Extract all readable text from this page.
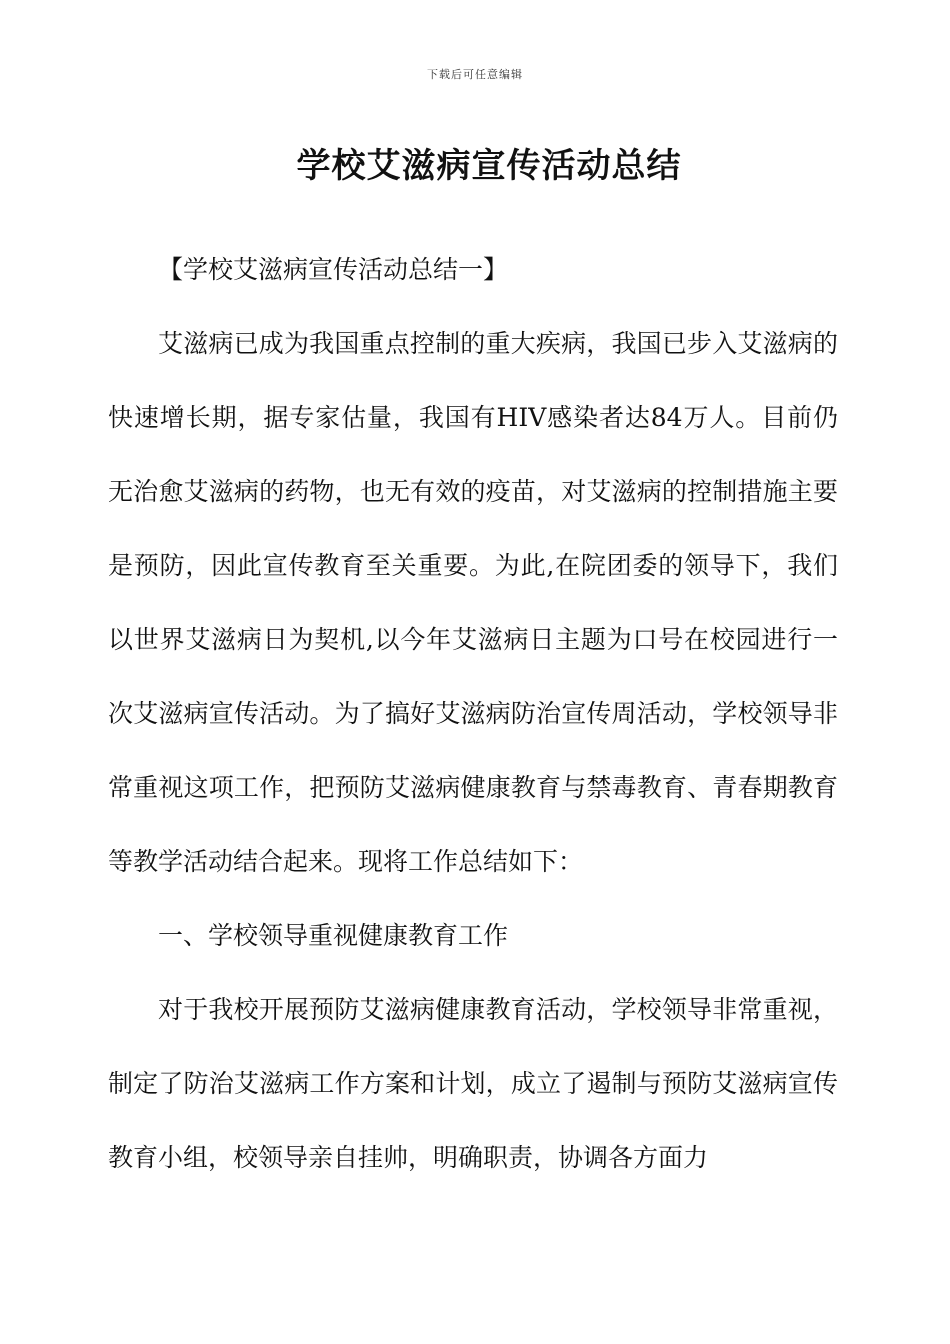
下载后可任意编辑
学校艾滋病宣传活动总结

【学校艾滋病宣传活动总结一】

艾滋病已成为我国重点控制的重大疾病，我国已步入艾滋病的快速增长期，据专家估量，我国有HIV感染者达84万人。目前仍无治愈艾滋病的药物，也无有效的疫苗，对艾滋病的控制措施主要是预防，因此宣传教育至关重要。为此,在院团委的领导下，我们以世界艾滋病日为契机,以今年艾滋病日主题为口号在校园进行一次艾滋病宣传活动。为了搞好艾滋病防治宣传周活动，学校领导非常重视这项工作，把预防艾滋病健康教育与禁毒教育、青春期教育等教学活动结合起来。现将工作总结如下：

一、学校领导重视健康教育工作

对于我校开展预防艾滋病健康教育活动，学校领导非常重视，制定了防治艾滋病工作方案和计划，成立了遏制与预防艾滋病宣传教育小组，校领导亲自挂帅，明确职责，协调各方面力
